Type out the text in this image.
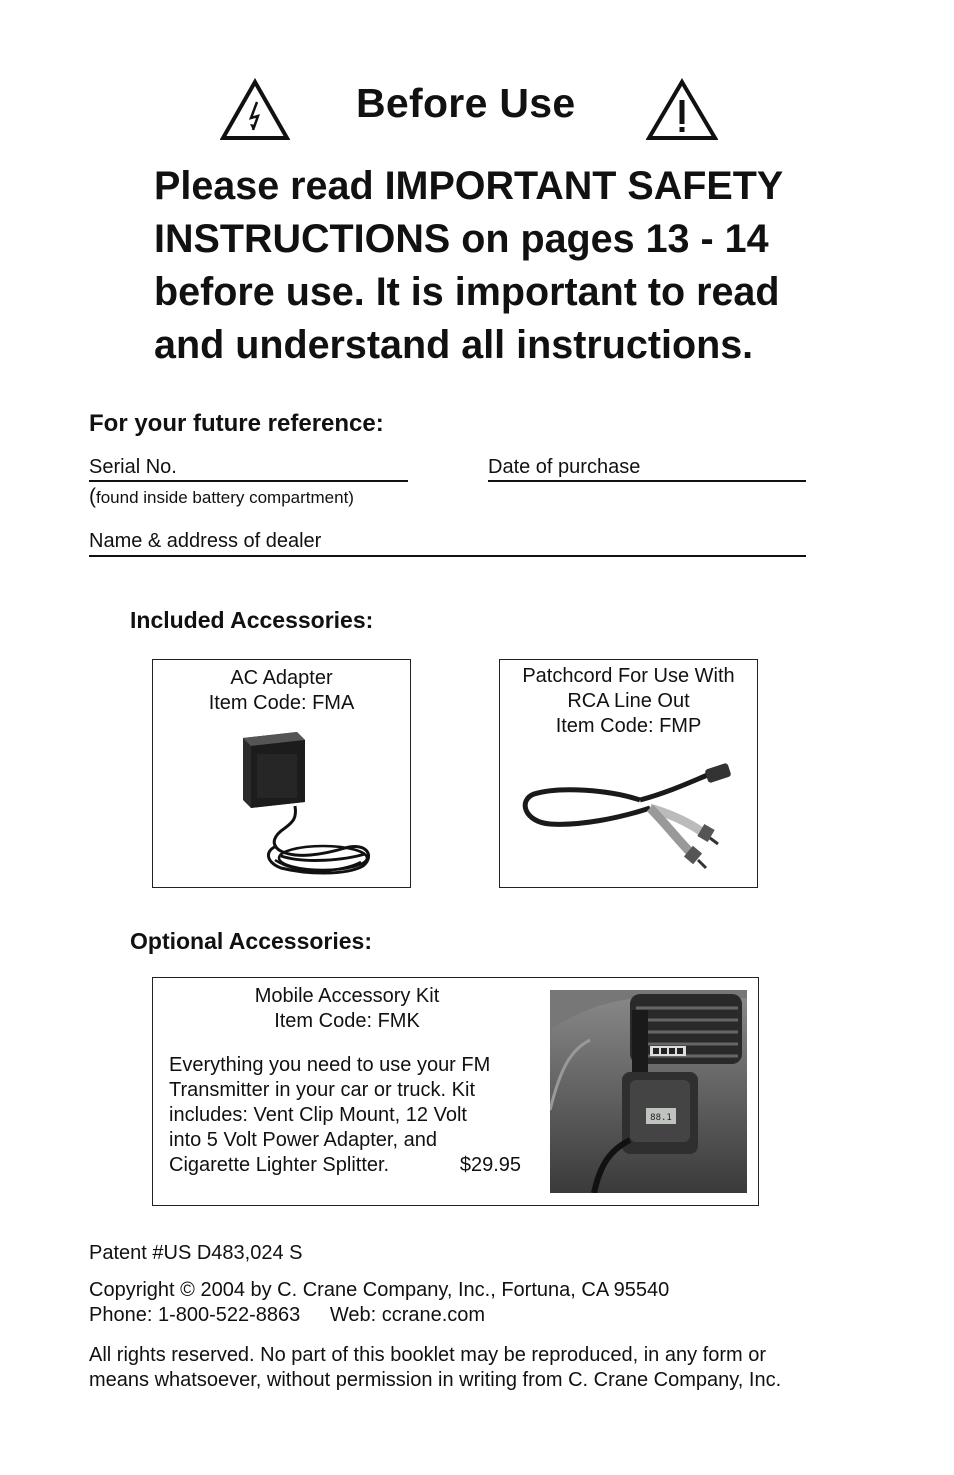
Before Use
Please read IMPORTANT SAFETY
INSTRUCTIONS on pages 13 - 14
before use. It is important to read
and understand all instructions.
For your future reference:
Serial No.
(found inside battery compartment)
Date of purchase
Name & address of dealer
Included Accessories:
AC Adapter
Item Code: FMA
Patchcord For Use With
RCA Line Out
Item Code: FMP
Optional Accessories:
Mobile Accessory Kit
Item Code: FMK
Everything you need to use your FM
Transmitter in your car or truck. Kit
includes: Vent Clip Mount, 12 Volt
into 5 Volt Power Adapter, and
Cigarette Lighter Splitter.	$29.95
88.1
Patent #US D483,024 S
Copyright © 2004 by C. Crane Company, Inc., Fortuna, CA 95540
Phone: 1-800-522-8863 Web: ccrane.com
All rights reserved. No part of this booklet may be reproduced, in any form or
means whatsoever, without permission in writing from C. Crane Company, Inc.
